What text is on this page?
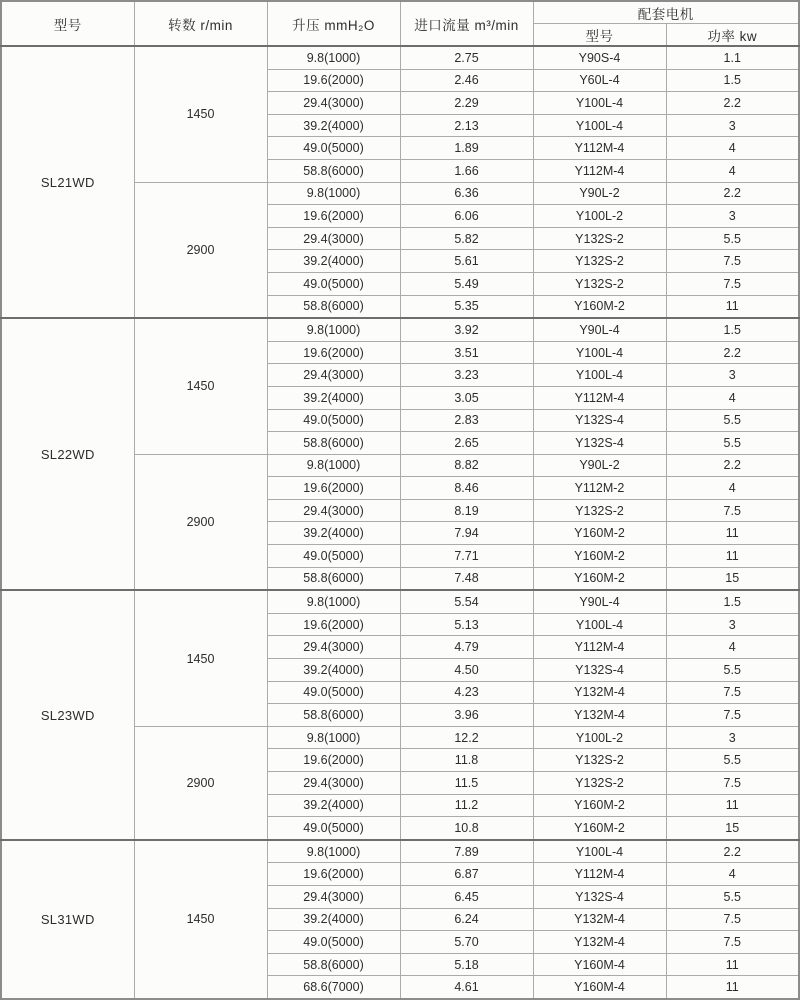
型号	转数 r/min	升压 mmH₂O	进口流量 m³/min	配套电机	
				型号	功率 kw
SL21WD	1450	9.8(1000)	2.75	Y90S-4	1.1
		19.6(2000)	2.46	Y60L-4	1.5
		29.4(3000)	2.29	Y100L-4	2.2
		39.2(4000)	2.13	Y100L-4	3
		49.0(5000)	1.89	Y112M-4	4
		58.8(6000)	1.66	Y112M-4	4
	2900	9.8(1000)	6.36	Y90L-2	2.2
		19.6(2000)	6.06	Y100L-2	3
		29.4(3000)	5.82	Y132S-2	5.5
		39.2(4000)	5.61	Y132S-2	7.5
		49.0(5000)	5.49	Y132S-2	7.5
		58.8(6000)	5.35	Y160M-2	11
SL22WD	1450	9.8(1000)	3.92	Y90L-4	1.5
		19.6(2000)	3.51	Y100L-4	2.2
		29.4(3000)	3.23	Y100L-4	3
		39.2(4000)	3.05	Y112M-4	4
		49.0(5000)	2.83	Y132S-4	5.5
		58.8(6000)	2.65	Y132S-4	5.5
	2900	9.8(1000)	8.82	Y90L-2	2.2
		19.6(2000)	8.46	Y112M-2	4
		29.4(3000)	8.19	Y132S-2	7.5
		39.2(4000)	7.94	Y160M-2	11
		49.0(5000)	7.71	Y160M-2	11
		58.8(6000)	7.48	Y160M-2	15
SL23WD	1450	9.8(1000)	5.54	Y90L-4	1.5
		19.6(2000)	5.13	Y100L-4	3
		29.4(3000)	4.79	Y112M-4	4
		39.2(4000)	4.50	Y132S-4	5.5
		49.0(5000)	4.23	Y132M-4	7.5
		58.8(6000)	3.96	Y132M-4	7.5
	2900	9.8(1000)	12.2	Y100L-2	3
		19.6(2000)	11.8	Y132S-2	5.5
		29.4(3000)	11.5	Y132S-2	7.5
		39.2(4000)	11.2	Y160M-2	11
		49.0(5000)	10.8	Y160M-2	15
SL31WD	1450	9.8(1000)	7.89	Y100L-4	2.2
		19.6(2000)	6.87	Y112M-4	4
		29.4(3000)	6.45	Y132S-4	5.5
		39.2(4000)	6.24	Y132M-4	7.5
		49.0(5000)	5.70	Y132M-4	7.5
		58.8(6000)	5.18	Y160M-4	11
		68.6(7000)	4.61	Y160M-4	11
